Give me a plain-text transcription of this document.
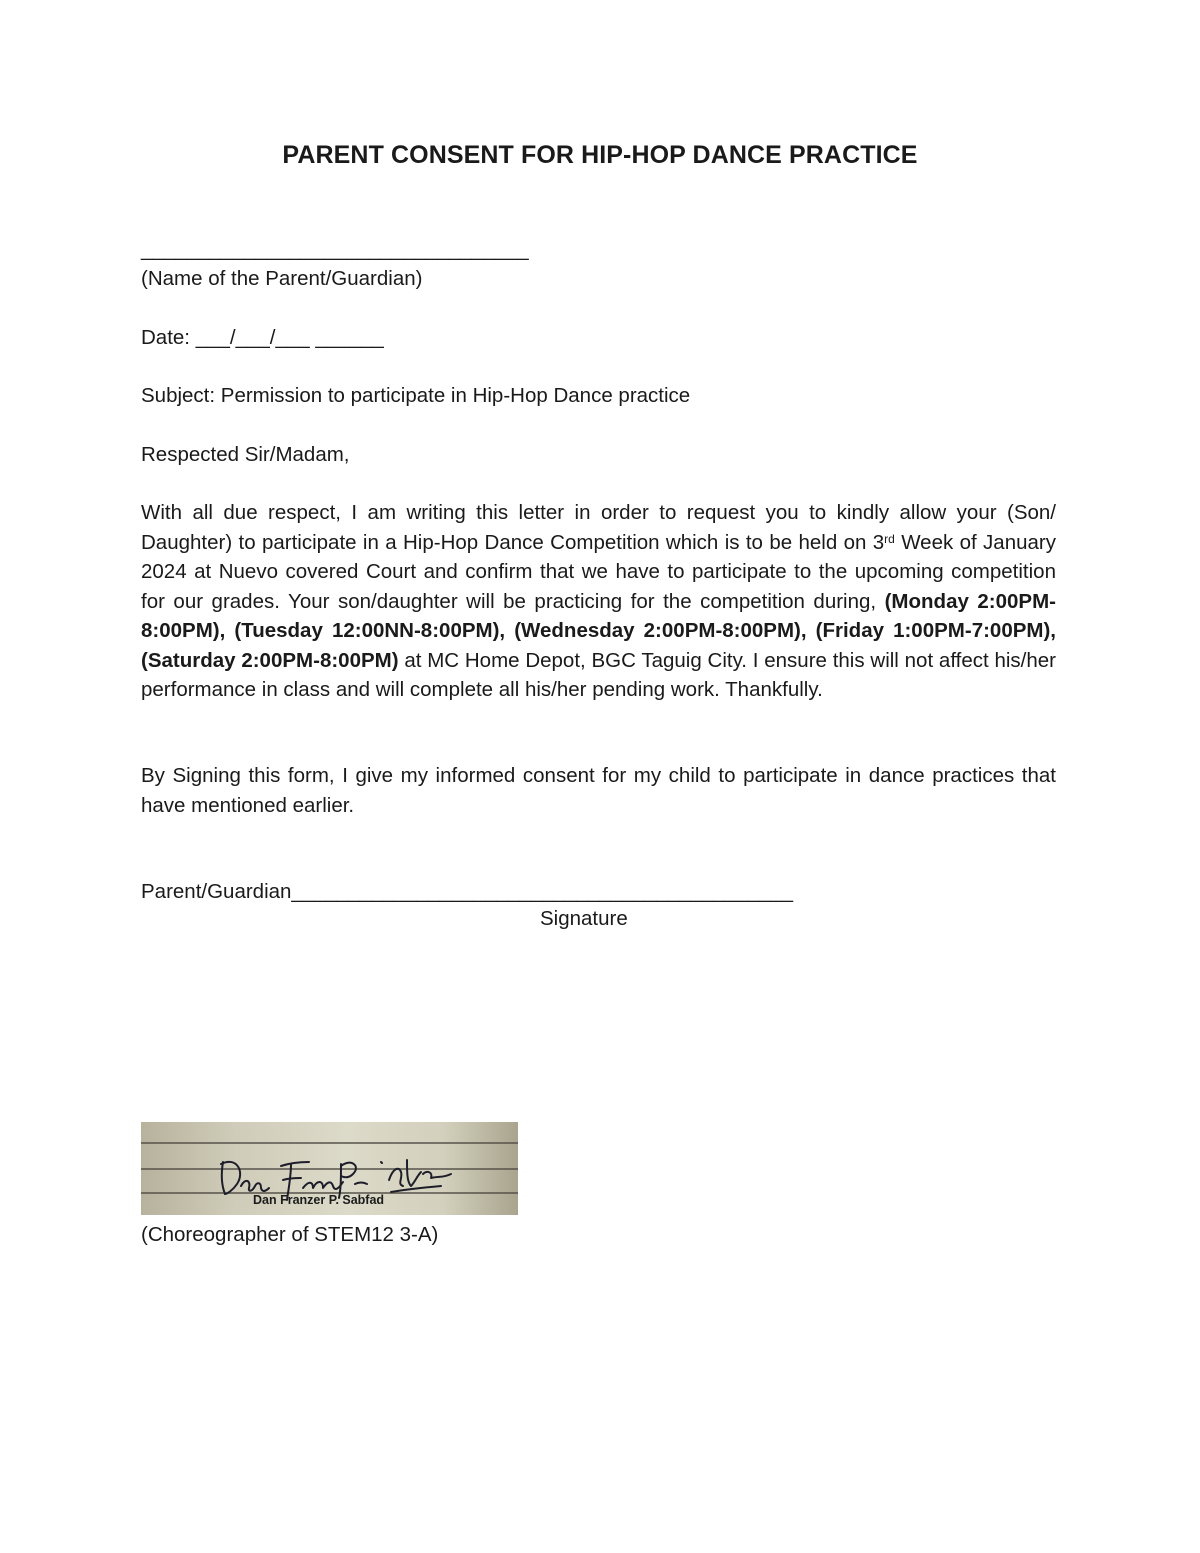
PARENT CONSENT FOR HIP-HOP DANCE PRACTICE
__________________________________
(Name of the Parent/Guardian)
Date: ___/___/___ ______
Subject: Permission to participate in Hip-Hop Dance practice
Respected Sir/Madam,
With all due respect, I am writing this letter in order to request you to kindly allow your (Son/ Daughter) to participate in a Hip-Hop Dance Competition which is to be held on 3rd Week of January 2024 at Nuevo covered Court and confirm that we have to participate to the upcoming competition for our grades. Your son/daughter will be practicing for the competition during, (Monday 2:00PM- 8:00PM), (Tuesday 12:00NN-8:00PM), (Wednesday 2:00PM-8:00PM), (Friday 1:00PM-7:00PM), (Saturday 2:00PM-8:00PM) at MC Home Depot, BGC Taguig City. I ensure this will not affect his/her performance in class and will complete all his/her pending work. Thankfully.
By Signing this form, I give my informed consent for my child to participate in dance practices that have mentioned earlier.
Parent/Guardian____________________________________________
Signature
Dan Franzer P. Sabfad
(Choreographer of STEM12 3-A)
